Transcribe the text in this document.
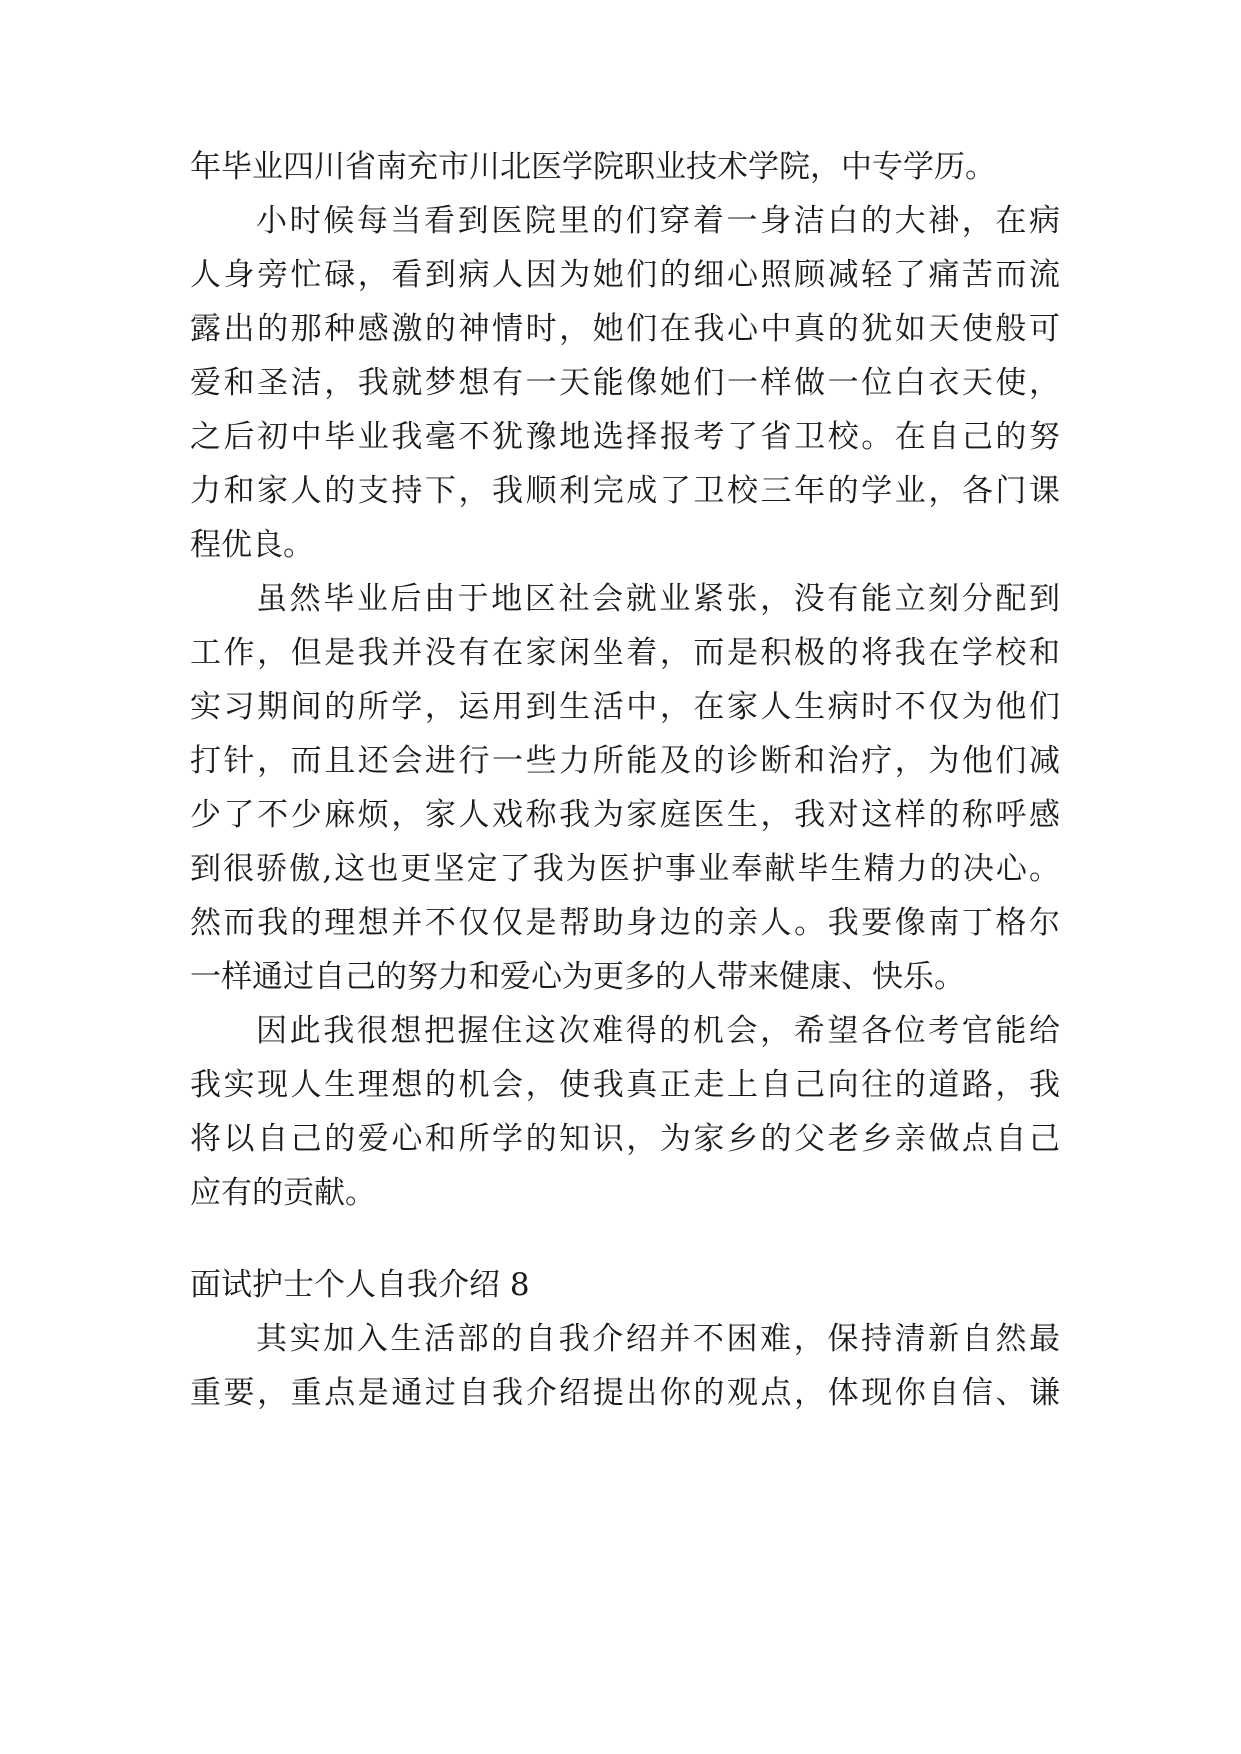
年毕业四川省南充市川北医学院职业技术学院，中专学历。
小时候每当看到医院里的们穿着一身洁白的大褂，在病
人身旁忙碌，看到病人因为她们的细心照顾减轻了痛苦而流
露出的那种感激的神情时，她们在我心中真的犹如天使般可
爱和圣洁，我就梦想有一天能像她们一样做一位白衣天使，
之后初中毕业我毫不犹豫地选择报考了省卫校。在自己的努
力和家人的支持下，我顺利完成了卫校三年的学业，各门课
程优良。
虽然毕业后由于地区社会就业紧张，没有能立刻分配到
工作，但是我并没有在家闲坐着，而是积极的将我在学校和
实习期间的所学，运用到生活中，在家人生病时不仅为他们
打针，而且还会进行一些力所能及的诊断和治疗，为他们减
少了不少麻烦，家人戏称我为家庭医生，我对这样的称呼感
到很骄傲,这也更坚定了我为医护事业奉献毕生精力的决心。
然而我的理想并不仅仅是帮助身边的亲人。我要像南丁格尔
一样通过自己的努力和爱心为更多的人带来健康、快乐。
因此我很想把握住这次难得的机会，希望各位考官能给
我实现人生理想的机会，使我真正走上自己向往的道路，我
将以自己的爱心和所学的知识，为家乡的父老乡亲做点自己
应有的贡献。
面试护士个人自我介绍 8
其实加入生活部的自我介绍并不困难，保持清新自然最
重要，重点是通过自我介绍提出你的观点，体现你自信、谦
